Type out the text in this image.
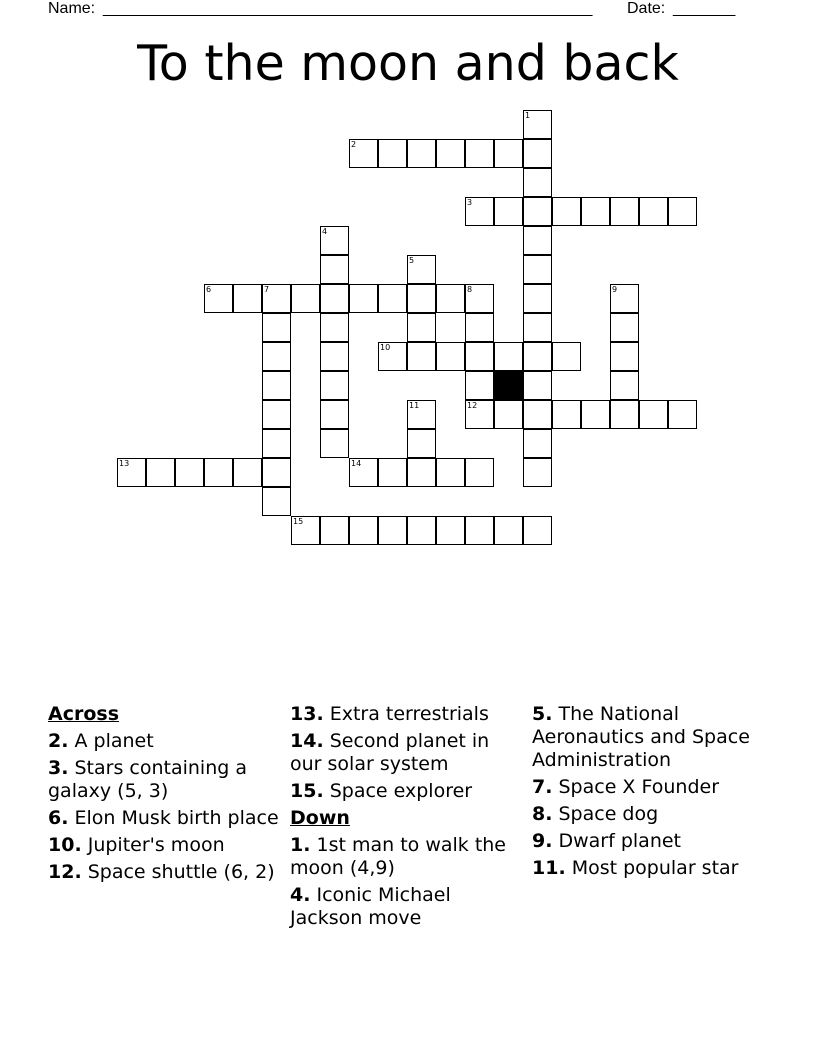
Name: _______________________________________________________ Date: _______
To the moon and back
2
3
6	7
10
12
13	14
15
1
4
5
8	9
11
Across
2. A planet
3. Stars containing a galaxy (5, 3)
6. Elon Musk birth place
10. Jupiter's moon
12. Space shuttle (6, 2)
13. Extra terrestrials
14. Second planet in our solar system
15. Space explorer
Down
1. 1st man to walk the moon (4,9)
4. Iconic Michael Jackson move
5. The National Aeronautics and Space Administration
7. Space X Founder
8. Space dog
9. Dwarf planet
11. Most popular star
